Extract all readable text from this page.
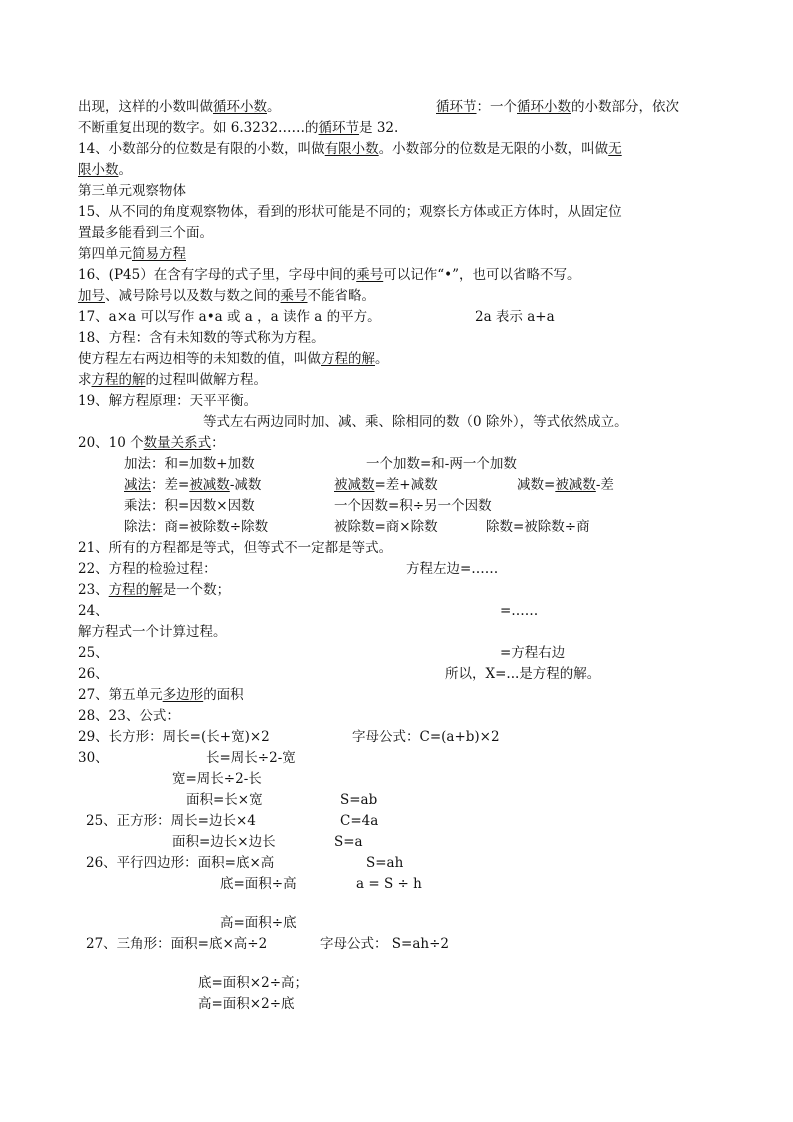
出现，这样的小数叫做循环小数。	循环节：一个循环小数的小数部分，依次
不断重复出现的数字。如 6.3232……的循环节是 32.
14、小数部分的位数是有限的小数，叫做有限小数。小数部分的位数是无限的小数，叫做无
限小数。
第三单元观察物体
15、从不同的角度观察物体，看到的形状可能是不同的；观察长方体或正方体时，从固定位
置最多能看到三个面。
第四单元简易方程
16、(P45）在含有字母的式子里，字母中间的乘号可以记作“•”，也可以省略不写。
加号、减号除号以及数与数之间的乘号不能省略。
17、a×a 可以写作 a•a 或 a ，a 读作 a 的平方。	2a 表示 a+a
18、方程：含有未知数的等式称为方程。
使方程左右两边相等的未知数的值，叫做方程的解。
求方程的解的过程叫做解方程。
19、解方程原理：天平平衡。
等式左右两边同时加、减、乘、除相同的数（0 除外），等式依然成立。
20、10 个数量关系式：
加法：和=加数+加数	一个加数=和-两一个加数
减法：差=被减数-减数	被减数=差+减数	减数=被减数-差
乘法：积=因数×因数	一个因数=积÷另一个因数
除法：商=被除数÷除数	被除数=商×除数	除数=被除数÷商
21、所有的方程都是等式，但等式不一定都是等式。
22、方程的检验过程：	方程左边=……
23、方程的解是一个数；
24、	=……
解方程式一个计算过程。
25、	=方程右边
26、	所以，X=...是方程的解。
27、第五单元多边形的面积
28、23、公式：
29、长方形：周长=(长+宽)×2	字母公式：C=(a+b)×2
30、	长=周长÷2-宽
宽=周长÷2-长
面积=长×宽	S=ab
25、正方形：周长=边长×4	C=4a
面积=边长×边长	S=a
26、平行四边形：面积=底×高	S=ah
底=面积÷高	a = S ÷ h
高=面积÷底
27、三角形：面积=底×高÷2	字母公式： S=ah÷2
底=面积×2÷高；
高=面积×2÷底
